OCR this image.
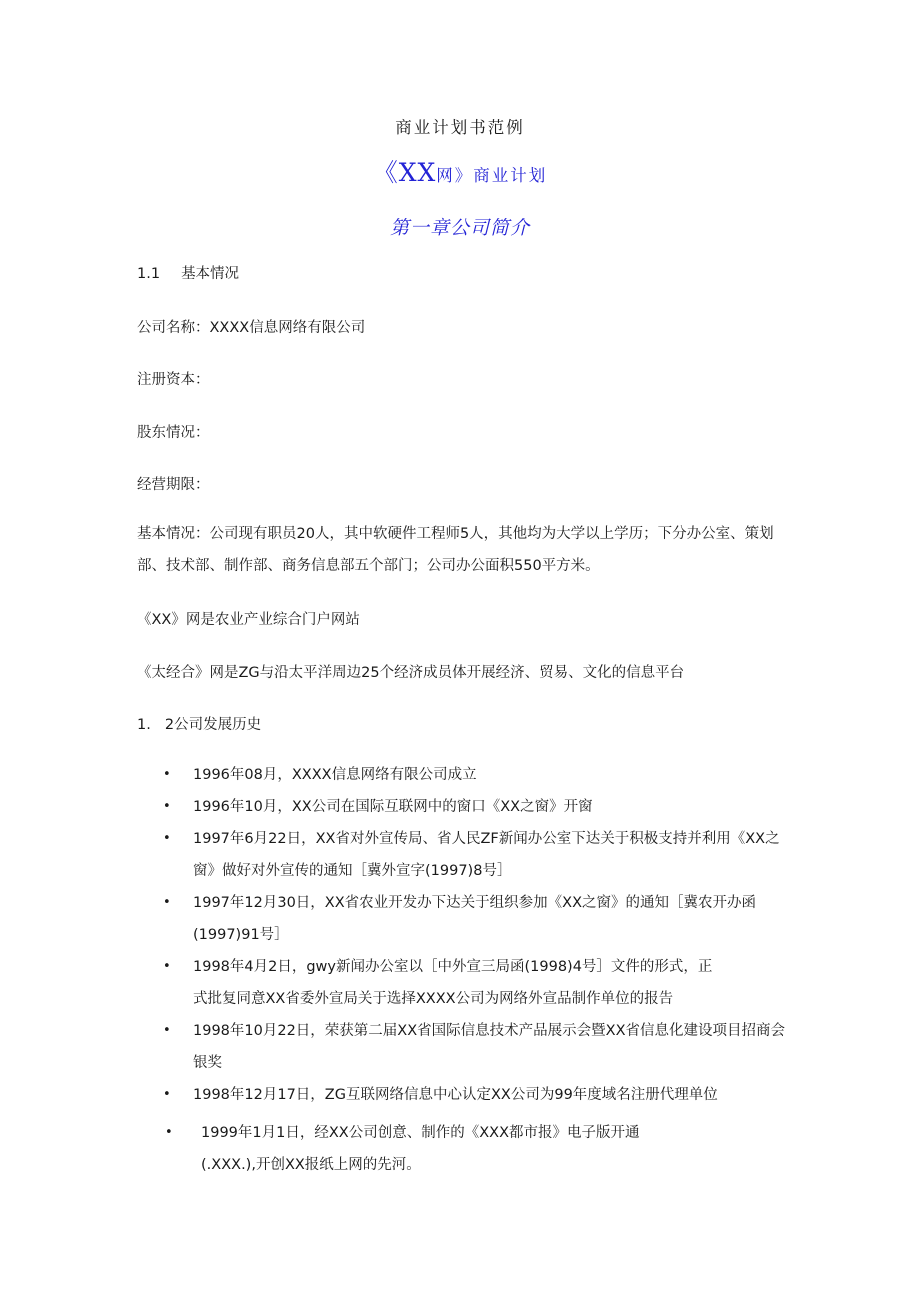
商业计划书范例
《XX网》商业计划
第一章公司简介
1.1 基本情况
公司名称：XXXX信息网络有限公司
注册资本：
股东情况：
经营期限：
基本情况：公司现有职员20人，其中软硬件工程师5人，其他均为大学以上学历；下分办公室、策划部、技术部、制作部、商务信息部五个部门；公司办公面积550平方米。
《XX》网是农业产业综合门户网站
《太经合》网是ZG与沿太平洋周边25个经济成员体开展经济、贸易、文化的信息平台
1. 2公司发展历史
• 1996年08月，XXXX信息网络有限公司成立
• 1996年10月，XX公司在国际互联网中的窗口《XX之窗》开窗
• 1997年6月22日，XX省对外宣传局、省人民ZF新闻办公室下达关于积极支持并利用《XX之窗》做好对外宣传的通知［冀外宣字(1997)8号］
• 1997年12月30日，XX省农业开发办下达关于组织参加《XX之窗》的通知［冀农开办函(1997)91号］
• 1998年4月2日，gwy新闻办公室以［中外宣三局函(1998)4号］文件的形式，正式批复同意XX省委外宣局关于选择XXXX公司为网络外宣品制作单位的报告
• 1998年10月22日，荣获第二届XX省国际信息技术产品展示会暨XX省信息化建设项目招商会银奖
• 1998年12月17日，ZG互联网络信息中心认定XX公司为99年度域名注册代理单位
•	1999年1月1日，经XX公司创意、制作的《XXX都市报》电子版开通(.XXX.),开创XX报纸上网的先河。
